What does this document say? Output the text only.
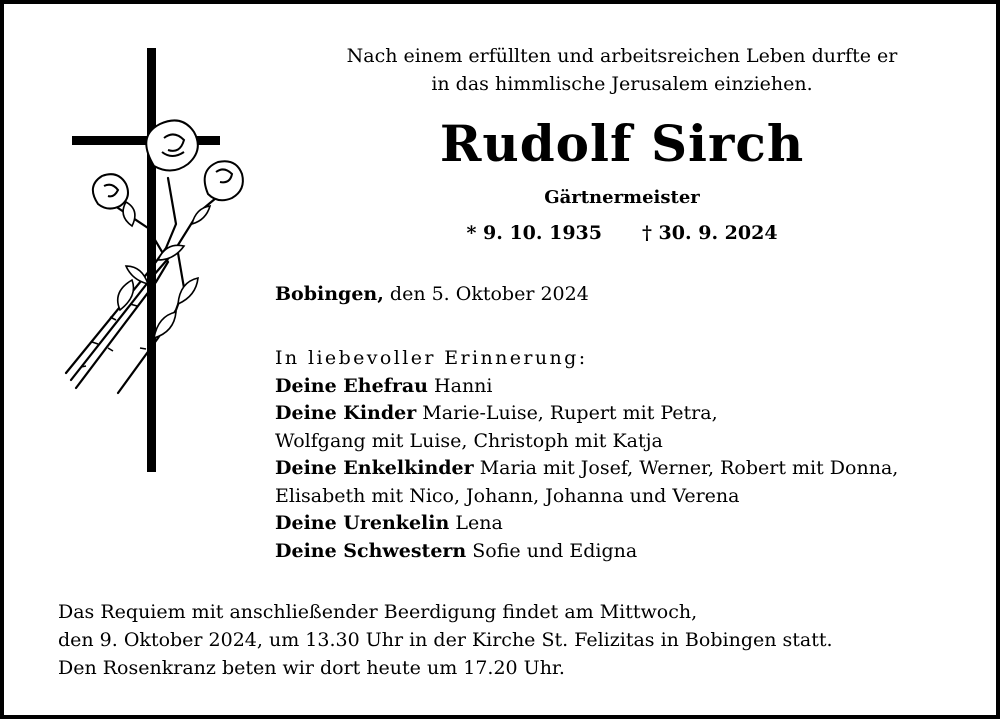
Nach einem erfüllten und arbeitsreichen Leben durfte er
in das himmlische Jerusalem einziehen.
Rudolf Sirch
Gärtnermeister
* 9. 10. 1935 † 30. 9. 2024
Bobingen, den 5. Oktober 2024
In liebevoller Erinnerung:
Deine Ehefrau Hanni
Deine Kinder Marie-Luise, Rupert mit Petra,
Wolfgang mit Luise, Christoph mit Katja
Deine Enkelkinder Maria mit Josef, Werner, Robert mit Donna,
Elisabeth mit Nico, Johann, Johanna und Verena
Deine Urenkelin Lena
Deine Schwestern Sofie und Edigna
Das Requiem mit anschließender Beerdigung findet am Mittwoch,
den 9. Oktober 2024, um 13.30 Uhr in der Kirche St. Felizitas in Bobingen statt.
Den Rosenkranz beten wir dort heute um 17.20 Uhr.
